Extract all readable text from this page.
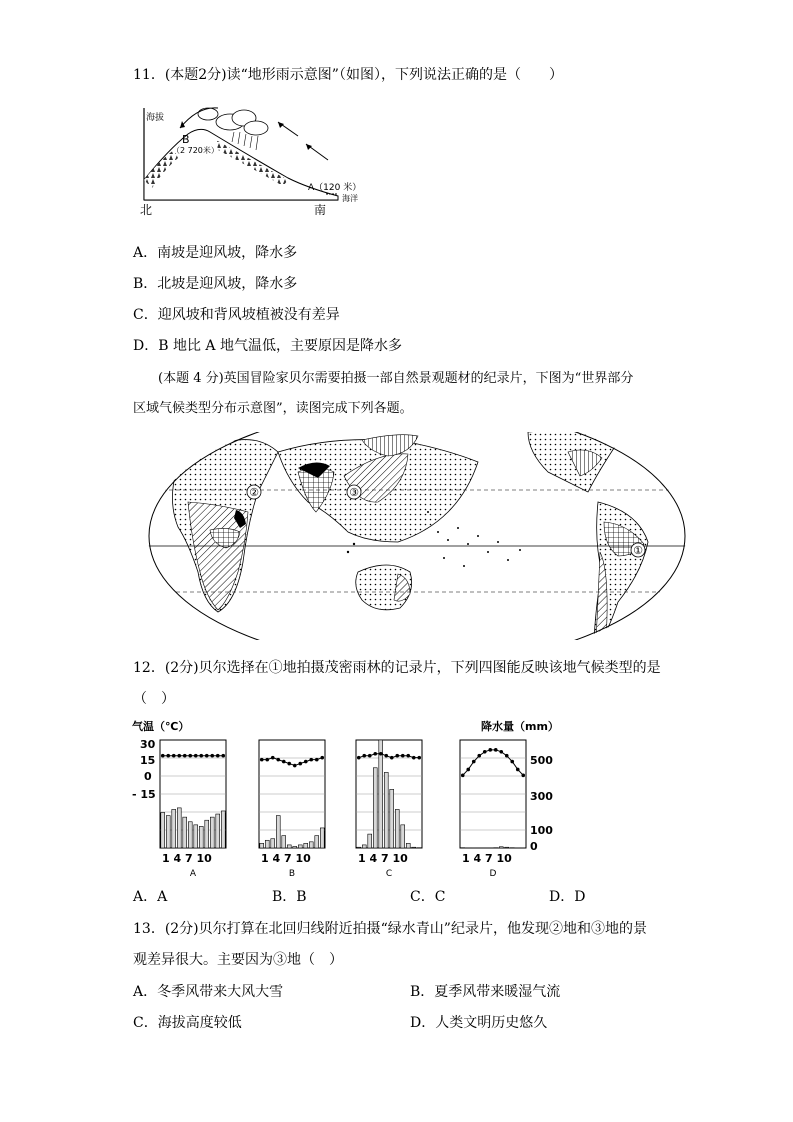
11．(本题2分)读“地形雨示意图”（如图），下列说法正确的是（　　）
海拔
B
（2 720米）
A（120 米）
海洋
北	南
A．南坡是迎风坡，降水多
B．北坡是迎风坡，降水多
C．迎风坡和背风坡植被没有差异
D．B 地比 A 地气温低，主要原因是降水多
(本题 4 分)英国冒险家贝尔需要拍摄一部自然景观题材的纪录片，下图为“世界部分
区域气候类型分布示意图”，读图完成下列各题。
②	③
①
12．(2分)贝尔选择在①地拍摄茂密雨林的记录片，下列四图能反映该地气候类型的是
（　）
气温（℃）	降水量（mm）
30
15
0
- 15
500
300
100
0
1 4 7 10
A
1 4 7 10
B
1 4 7 10
C
1 4 7 10
D
A．A	B．B	C．C	D．D
13．(2分)贝尔打算在北回归线附近拍摄“绿水青山”纪录片，他发现②地和③地的景
观差异很大。主要因为③地（　）
A．冬季风带来大风大雪	B．夏季风带来暖湿气流
C．海拔高度较低	D．人类文明历史悠久
